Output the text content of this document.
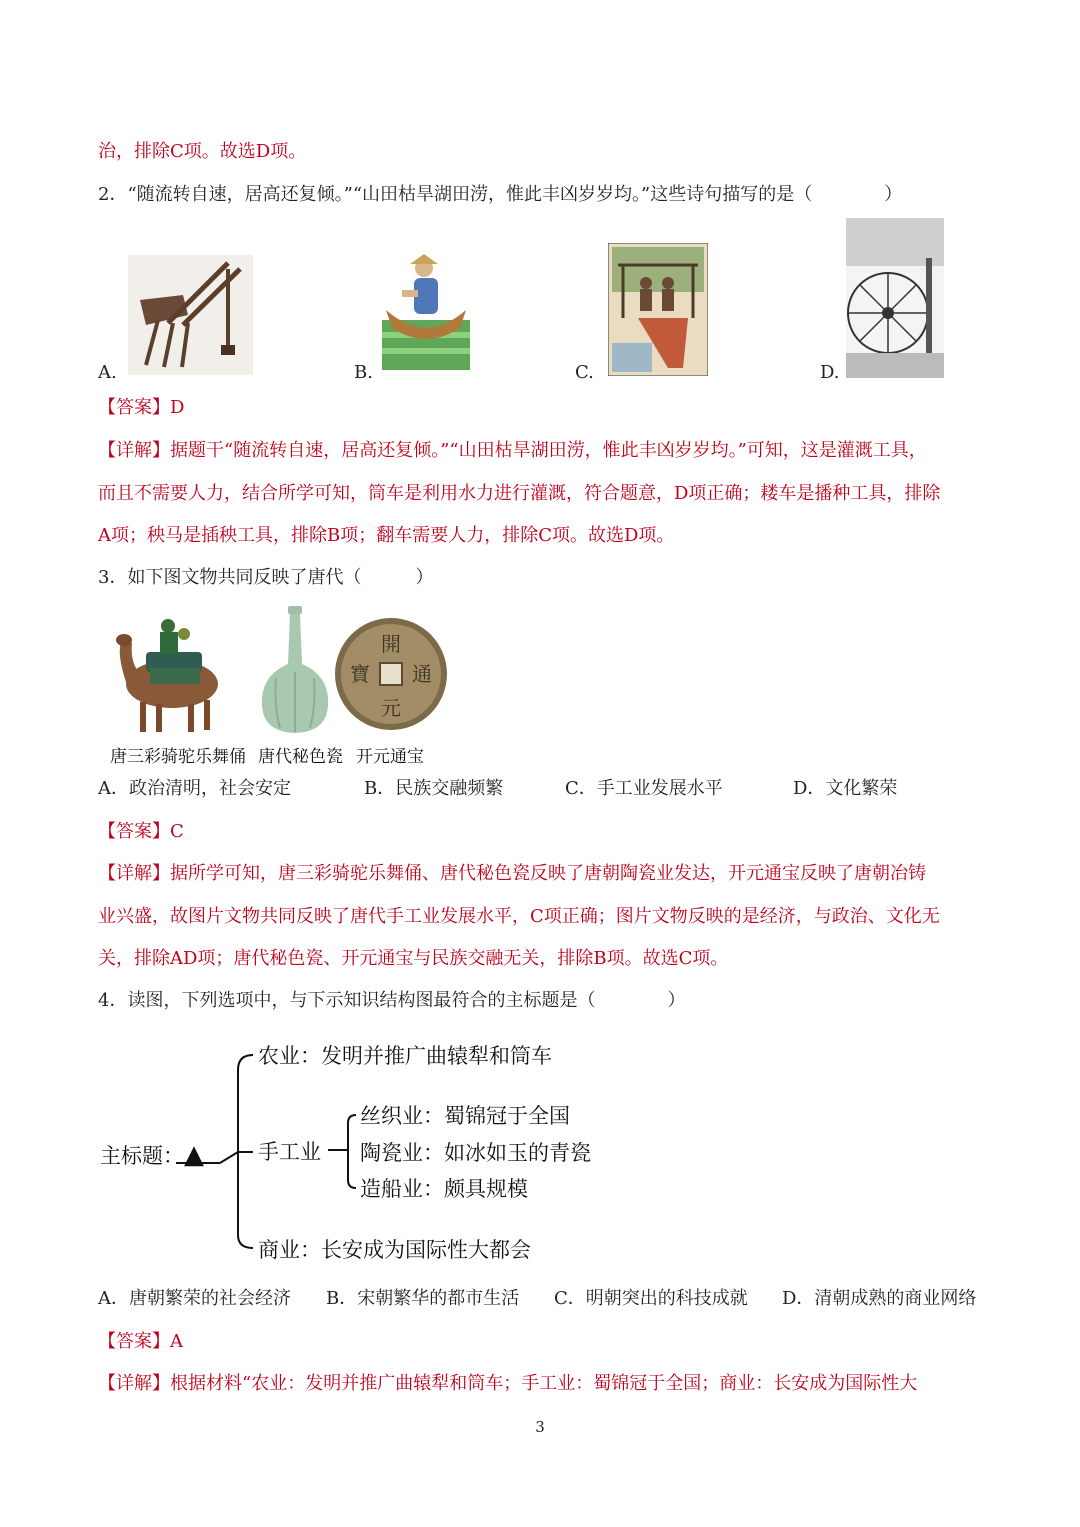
治，排除C项。故选D项。
2．“随流转自速，居高还复倾。”“山田枯旱湖田涝，惟此丰凶岁岁均。”这些诗句描写的是（　　　　）
A.	B.	C.	D.
【答案】D
【详解】据题干“随流转自速，居高还复倾。”“山田枯旱湖田涝，惟此丰凶岁岁均。”可知，这是灌溉工具，
而且不需要人力，结合所学可知，筒车是利用水力进行灌溉，符合题意，D项正确；耧车是播种工具，排除
A项；秧马是插秧工具，排除B项；翻车需要人力，排除C项。故选D项。
3．如下图文物共同反映了唐代（　　　）
開
元
通
寶
唐三彩骑驼乐舞俑 唐代秘色瓷 开元通宝
A．政治清明，社会安定	B．民族交融频繁	C．手工业发展水平	D．文化繁荣
【答案】C
【详解】据所学可知，唐三彩骑驼乐舞俑、唐代秘色瓷反映了唐朝陶瓷业发达，开元通宝反映了唐朝冶铸
业兴盛，故图片文物共同反映了唐代手工业发展水平，C项正确；图片文物反映的是经济，与政治、文化无
关，排除AD项；唐代秘色瓷、开元通宝与民族交融无关，排除B项。故选C项。
4．读图，下列选项中，与下示知识结构图最符合的主标题是（　　　　）
主标题：▲
农业：发明并推广曲辕犁和筒车
手工业
丝织业：蜀锦冠于全国
陶瓷业：如冰如玉的青瓷
造船业：颇具规模
商业：长安成为国际性大都会
A．唐朝繁荣的社会经济 B．宋朝繁华的都市生活 C．明朝突出的科技成就 D．清朝成熟的商业网络
【答案】A
【详解】根据材料“农业：发明并推广曲辕犁和筒车；手工业：蜀锦冠于全国；商业：长安成为国际性大
3
